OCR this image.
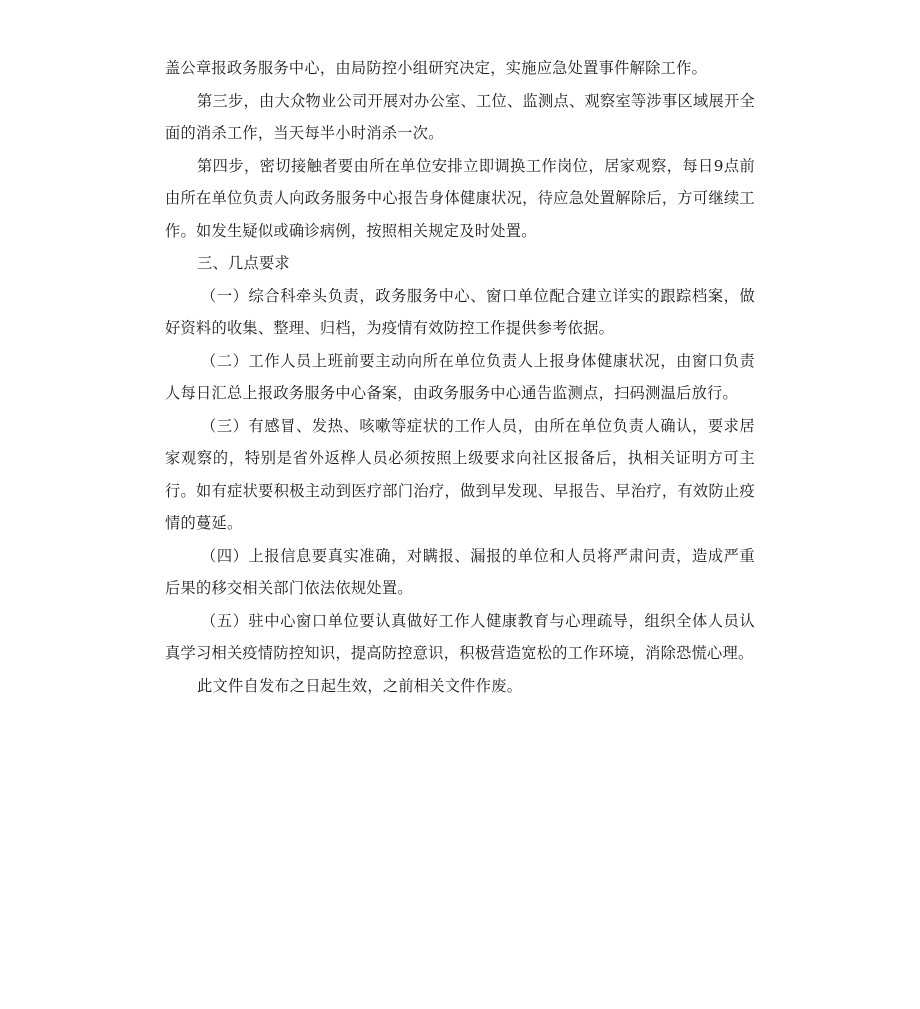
盖公章报政务服务中心，由局防控小组研究决定，实施应急处置事件解除工作。

第三步，由大众物业公司开展对办公室、工位、监测点、观察室等涉事区域展开全面的消杀工作，当天每半小时消杀一次。

第四步，密切接触者要由所在单位安排立即调换工作岗位，居家观察，每日9点前由所在单位负责人向政务服务中心报告身体健康状况，待应急处置解除后，方可继续工作。如发生疑似或确诊病例，按照相关规定及时处置。

三、几点要求

（一）综合科牵头负责，政务服务中心、窗口单位配合建立详实的跟踪档案，做好资料的收集、整理、归档，为疫情有效防控工作提供参考依据。

（二）工作人员上班前要主动向所在单位负责人上报身体健康状况，由窗口负责人每日汇总上报政务服务中心备案，由政务服务中心通告监测点，扫码测温后放行。

（三）有感冒、发热、咳嗽等症状的工作人员，由所在单位负责人确认，要求居家观察的，特别是省外返桦人员必须按照上级要求向社区报备后，执相关证明方可主行。如有症状要积极主动到医疗部门治疗，做到早发现、早报告、早治疗，有效防止疫情的蔓延。

（四）上报信息要真实准确，对瞒报、漏报的单位和人员将严肃问责，造成严重后果的移交相关部门依法依规处置。

（五）驻中心窗口单位要认真做好工作人健康教育与心理疏导，组织全体人员认真学习相关疫情防控知识，提高防控意识，积极营造宽松的工作环境，消除恐慌心理。

此文件自发布之日起生效，之前相关文件作废。
